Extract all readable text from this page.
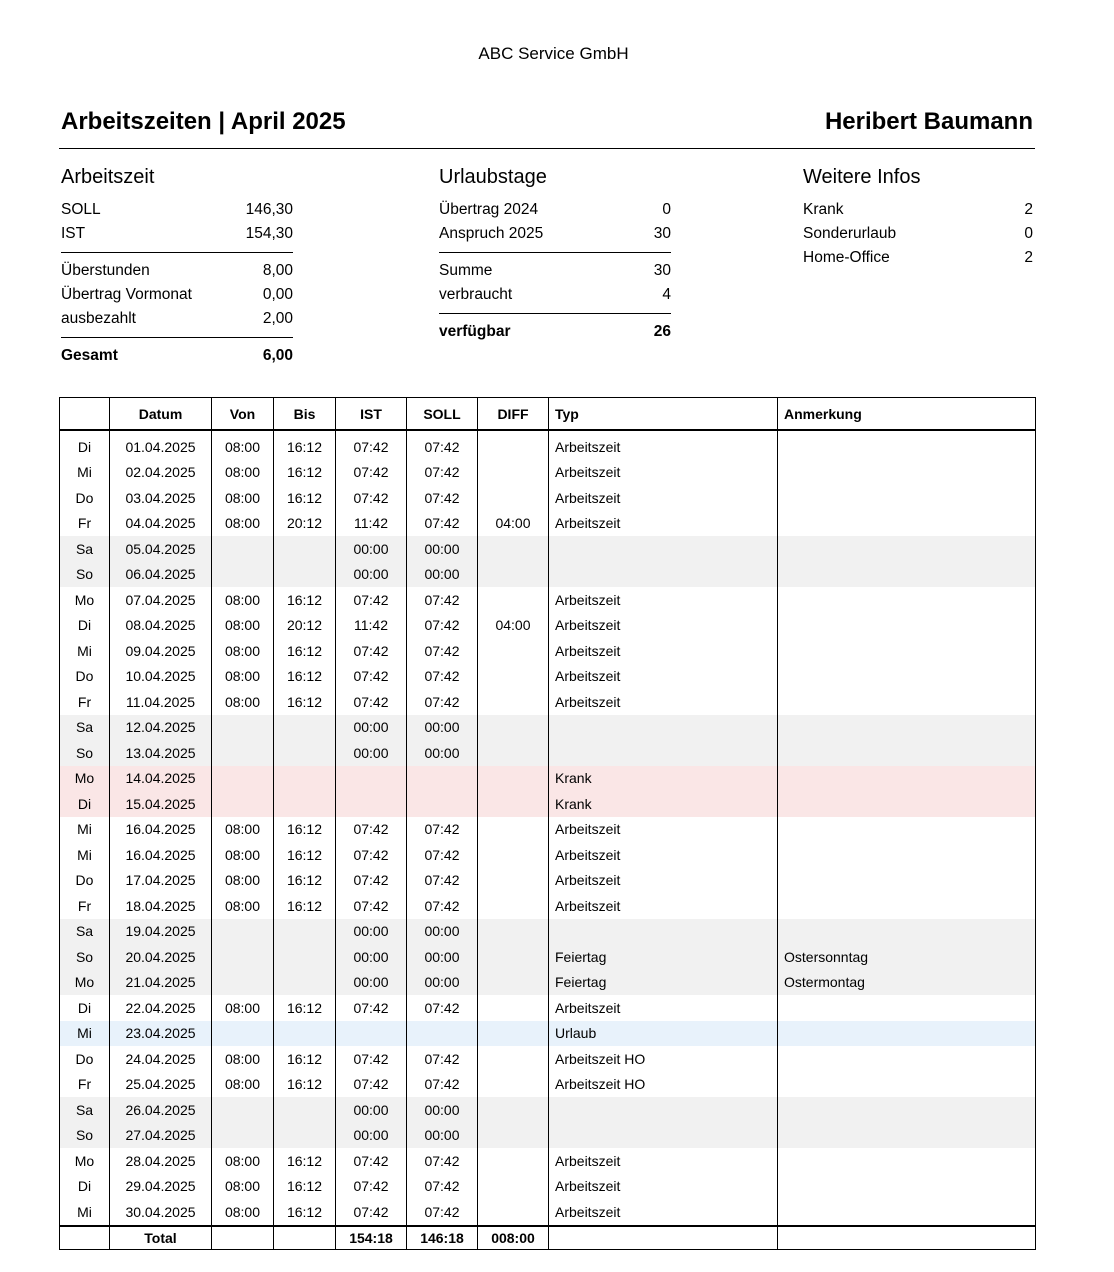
ABC Service GmbH
Arbeitszeiten | April 2025	Heribert Baumann
Arbeitszeit
SOLL	146,30
IST	154,30
Überstunden	8,00
Übertrag Vormonat	0,00
ausbezahlt	2,00
Gesamt	6,00
Urlaubstage
Übertrag 2024	0
Anspruch 2025	30
Summe	30
verbraucht	4
verfügbar	26
Weitere Infos
Krank	2
Sonderurlaub	0
Home-Office	2
	Datum	Von	Bis	IST	SOLL	DIFF	Typ	Anmerkung
Di	01.04.2025	08:00	16:12	07:42	07:42		Arbeitszeit	
Mi	02.04.2025	08:00	16:12	07:42	07:42		Arbeitszeit	
Do	03.04.2025	08:00	16:12	07:42	07:42		Arbeitszeit	
Fr	04.04.2025	08:00	20:12	11:42	07:42	04:00	Arbeitszeit	
Sa	05.04.2025			00:00	00:00			
So	06.04.2025			00:00	00:00			
Mo	07.04.2025	08:00	16:12	07:42	07:42		Arbeitszeit	
Di	08.04.2025	08:00	20:12	11:42	07:42	04:00	Arbeitszeit	
Mi	09.04.2025	08:00	16:12	07:42	07:42		Arbeitszeit	
Do	10.04.2025	08:00	16:12	07:42	07:42		Arbeitszeit	
Fr	11.04.2025	08:00	16:12	07:42	07:42		Arbeitszeit	
Sa	12.04.2025			00:00	00:00			
So	13.04.2025			00:00	00:00			
Mo	14.04.2025						Krank	
Di	15.04.2025						Krank	
Mi	16.04.2025	08:00	16:12	07:42	07:42		Arbeitszeit	
Mi	16.04.2025	08:00	16:12	07:42	07:42		Arbeitszeit	
Do	17.04.2025	08:00	16:12	07:42	07:42		Arbeitszeit	
Fr	18.04.2025	08:00	16:12	07:42	07:42		Arbeitszeit	
Sa	19.04.2025			00:00	00:00			
So	20.04.2025			00:00	00:00		Feiertag	Ostersonntag
Mo	21.04.2025			00:00	00:00		Feiertag	Ostermontag
Di	22.04.2025	08:00	16:12	07:42	07:42		Arbeitszeit	
Mi	23.04.2025						Urlaub	
Do	24.04.2025	08:00	16:12	07:42	07:42		Arbeitszeit HO	
Fr	25.04.2025	08:00	16:12	07:42	07:42		Arbeitszeit HO	
Sa	26.04.2025			00:00	00:00			
So	27.04.2025			00:00	00:00			
Mo	28.04.2025	08:00	16:12	07:42	07:42		Arbeitszeit	
Di	29.04.2025	08:00	16:12	07:42	07:42		Arbeitszeit	
Mi	30.04.2025	08:00	16:12	07:42	07:42		Arbeitszeit	
	Total			154:18	146:18	008:00		
